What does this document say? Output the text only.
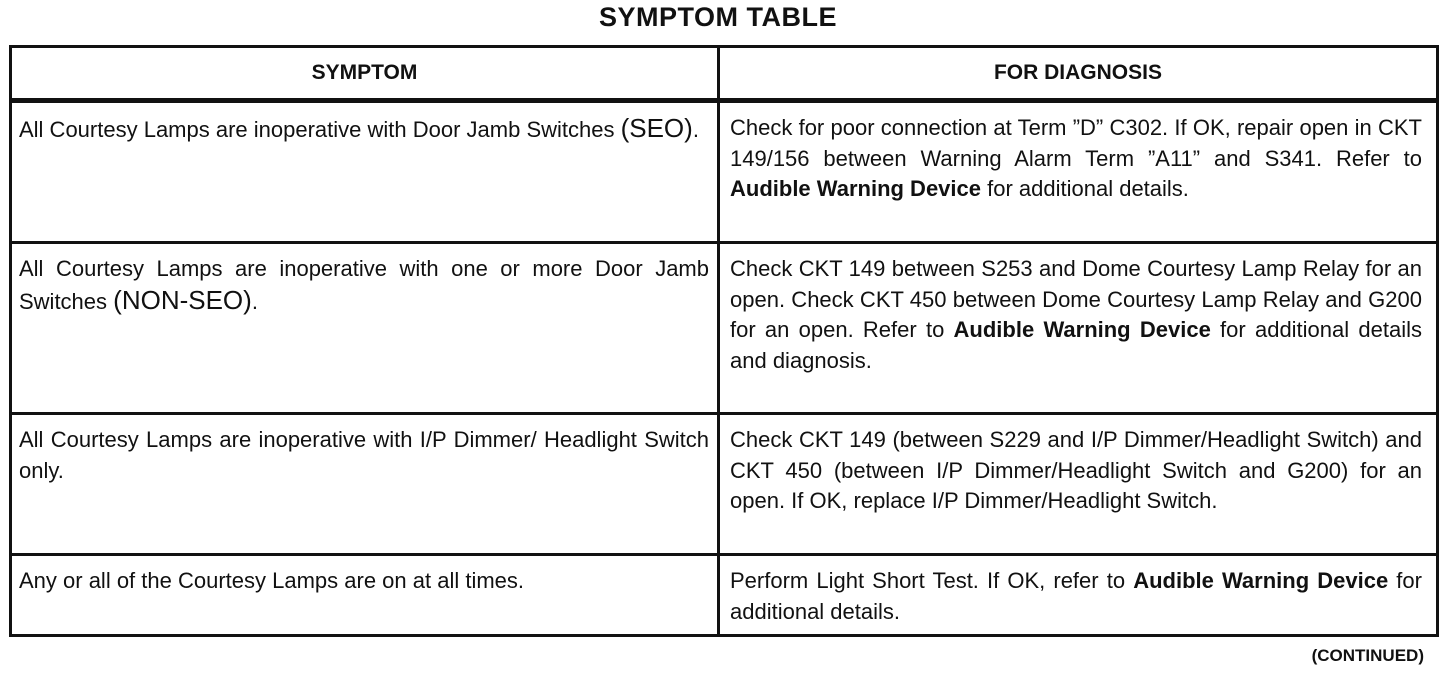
SYMPTOM TABLE
SYMPTOM	FOR DIAGNOSIS
All Courtesy Lamps are inoperative with Door Jamb Switches (SEO).	Check for poor connection at Term ”D” C302. If OK, repair open in CKT 149/156 between Warning Alarm Term ”A11” and S341. Refer to Audible Warning Device for additional details.
All Courtesy Lamps are inoperative with one or more Door Jamb Switches (NON-SEO).	Check CKT 149 between S253 and Dome Courtesy Lamp Relay for an open. Check CKT 450 between Dome Courtesy Lamp Relay and G200 for an open. Refer to Audible Warning Device for additional details and diagnosis.
All Courtesy Lamps are inoperative with I/P Dimmer/ Headlight Switch only.	Check CKT 149 (between S229 and I/P Dimmer/Headlight Switch) and CKT 450 (between I/P Dimmer/Headlight Switch and G200) for an open. If OK, replace I/P Dimmer/Headlight Switch.
Any or all of the Courtesy Lamps are on at all times.	Perform Light Short Test. If OK, refer to Audible Warning Device for additional details.
(CONTINUED)
